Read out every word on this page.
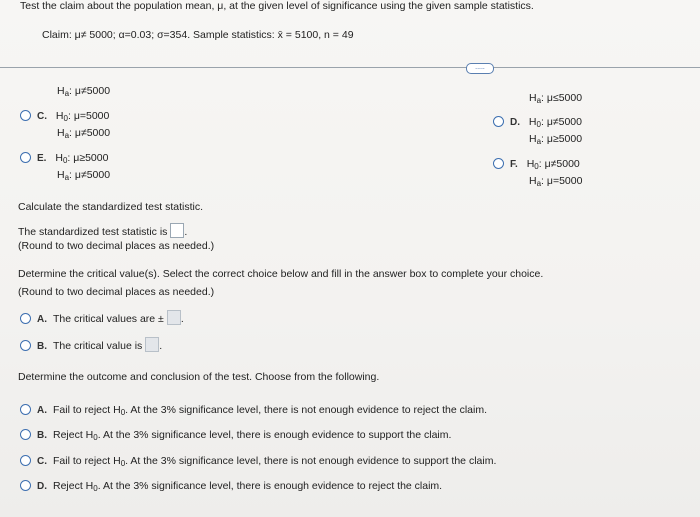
Test the claim about the population mean, μ, at the given level of significance using the given sample statistics.
Claim: μ≠ 5000; α=0.03; σ=354. Sample statistics: x̄ = 5100, n = 49
.....
$H_a$: μ≠5000
$H_a$: μ≤5000
C. $H_0$: μ=5000
$H_a$: μ≠5000
D. $H_0$: μ≠5000
$H_a$: μ≥5000
E. $H_0$: μ≥5000
$H_a$: μ≠5000
F. $H_0$: μ≠5000
$H_a$: μ=5000
Calculate the standardized test statistic.
The standardized test statistic is .
(Round to two decimal places as needed.)
Determine the critical value(s). Select the correct choice below and fill in the answer box to complete your choice.
(Round to two decimal places as needed.)
A. The critical values are ± .
B. The critical value is .
Determine the outcome and conclusion of the test. Choose from the following.
A. Fail to reject $H_0$. At the 3% significance level, there is not enough evidence to reject the claim.
B. Reject $H_0$. At the 3% significance level, there is enough evidence to support the claim.
C. Fail to reject $H_0$. At the 3% significance level, there is not enough evidence to support the claim.
D. Reject $H_0$. At the 3% significance level, there is enough evidence to reject the claim.
